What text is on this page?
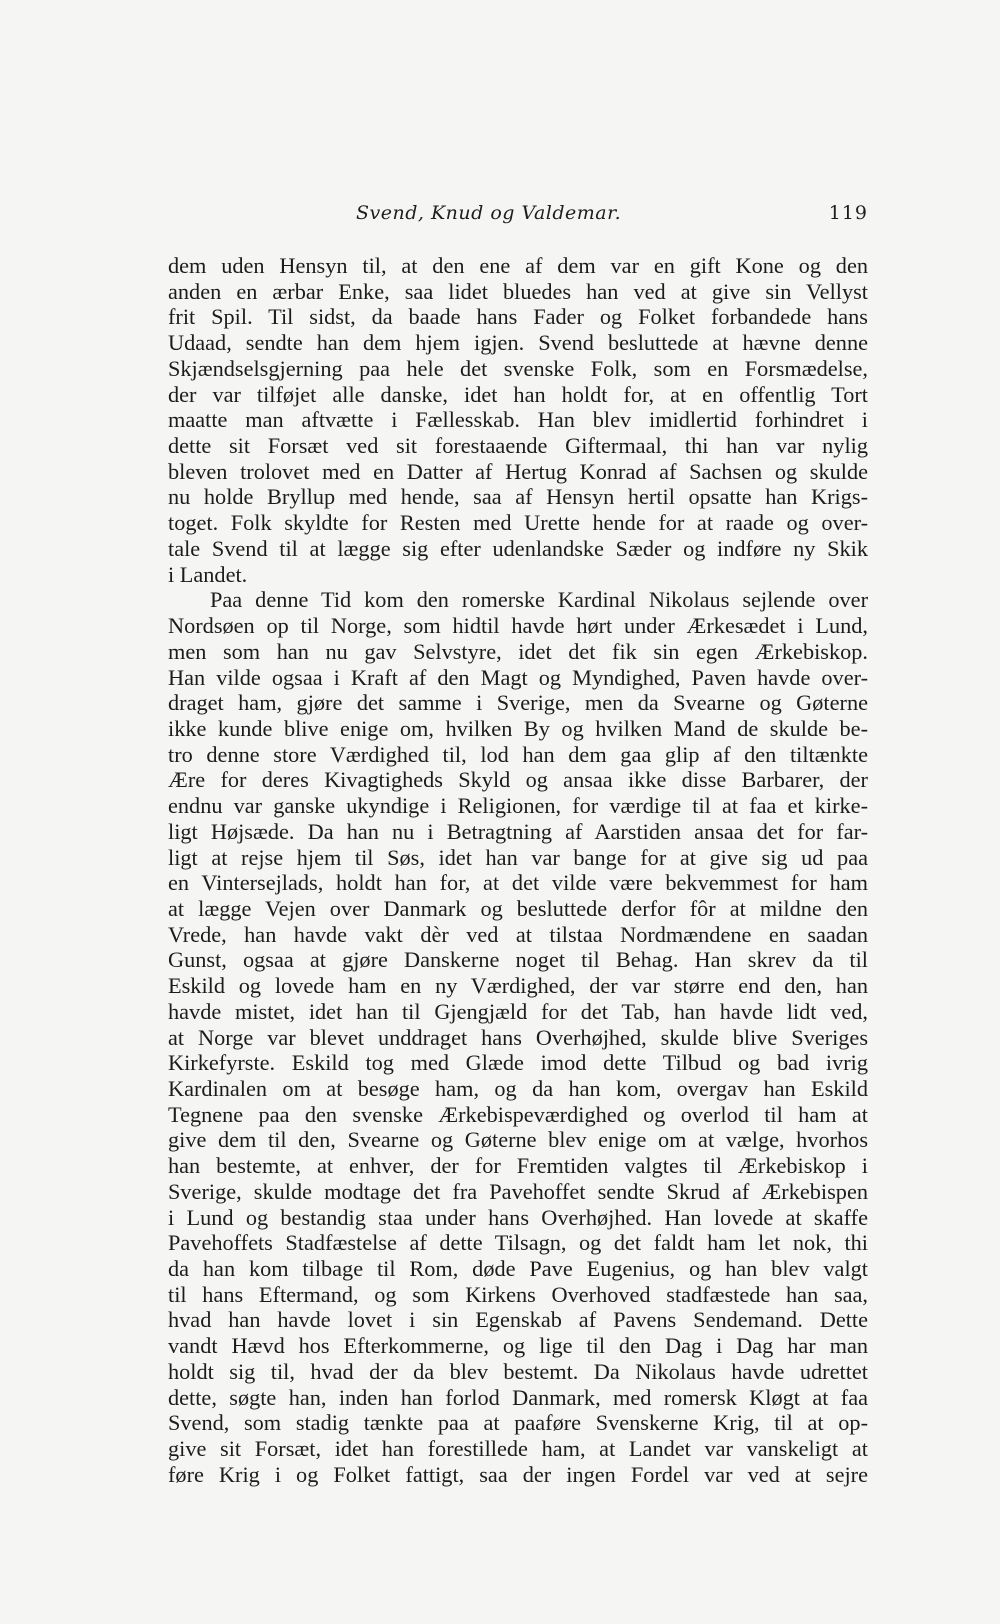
Svend, Knud og Valdemar.	119
dem uden Hensyn til, at den ene af dem var en gift Kone og den
anden en ærbar Enke, saa lidet bluedes han ved at give sin Vellyst
frit Spil. Til sidst, da baade hans Fader og Folket forbandede hans
Udaad, sendte han dem hjem igjen. Svend besluttede at hævne denne
Skjændselsgjerning paa hele det svenske Folk, som en Forsmædelse,
der var tilføjet alle danske, idet han holdt for, at en offentlig Tort
maatte man aftvætte i Fællesskab. Han blev imidlertid forhindret i
dette sit Forsæt ved sit forestaaende Giftermaal, thi han var nylig
bleven trolovet med en Datter af Hertug Konrad af Sachsen og skulde
nu holde Bryllup med hende, saa af Hensyn hertil opsatte han Krigs-
toget. Folk skyldte for Resten med Urette hende for at raade og over-
tale Svend til at lægge sig efter udenlandske Sæder og indføre ny Skik
i Landet.
Paa denne Tid kom den romerske Kardinal Nikolaus sejlende over
Nordsøen op til Norge, som hidtil havde hørt under Ærkesædet i Lund,
men som han nu gav Selvstyre, idet det fik sin egen Ærkebiskop.
Han vilde ogsaa i Kraft af den Magt og Myndighed, Paven havde over-
draget ham, gjøre det samme i Sverige, men da Svearne og Gøterne
ikke kunde blive enige om, hvilken By og hvilken Mand de skulde be-
tro denne store Værdighed til, lod han dem gaa glip af den tiltænkte
Ære for deres Kivagtigheds Skyld og ansaa ikke disse Barbarer, der
endnu var ganske ukyndige i Religionen, for værdige til at faa et kirke-
ligt Højsæde. Da han nu i Betragtning af Aarstiden ansaa det for far-
ligt at rejse hjem til Søs, idet han var bange for at give sig ud paa
en Vintersejlads, holdt han for, at det vilde være bekvemmest for ham
at lægge Vejen over Danmark og besluttede derfor fôr at mildne den
Vrede, han havde vakt dèr ved at tilstaa Nordmændene en saadan
Gunst, ogsaa at gjøre Danskerne noget til Behag. Han skrev da til
Eskild og lovede ham en ny Værdighed, der var større end den, han
havde mistet, idet han til Gjengjæld for det Tab, han havde lidt ved,
at Norge var blevet unddraget hans Overhøjhed, skulde blive Sveriges
Kirkefyrste. Eskild tog med Glæde imod dette Tilbud og bad ivrig
Kardinalen om at besøge ham, og da han kom, overgav han Eskild
Tegnene paa den svenske Ærkebispeværdighed og overlod til ham at
give dem til den, Svearne og Gøterne blev enige om at vælge, hvorhos
han bestemte, at enhver, der for Fremtiden valgtes til Ærkebiskop i
Sverige, skulde modtage det fra Pavehoffet sendte Skrud af Ærkebispen
i Lund og bestandig staa under hans Overhøjhed. Han lovede at skaffe
Pavehoffets Stadfæstelse af dette Tilsagn, og det faldt ham let nok, thi
da han kom tilbage til Rom, døde Pave Eugenius, og han blev valgt
til hans Eftermand, og som Kirkens Overhoved stadfæstede han saa,
hvad han havde lovet i sin Egenskab af Pavens Sendemand. Dette
vandt Hævd hos Efterkommerne, og lige til den Dag i Dag har man
holdt sig til, hvad der da blev bestemt. Da Nikolaus havde udrettet
dette, søgte han, inden han forlod Danmark, med romersk Kløgt at faa
Svend, som stadig tænkte paa at paaføre Svenskerne Krig, til at op-
give sit Forsæt, idet han forestillede ham, at Landet var vanskeligt at
føre Krig i og Folket fattigt, saa der ingen Fordel var ved at sejre
